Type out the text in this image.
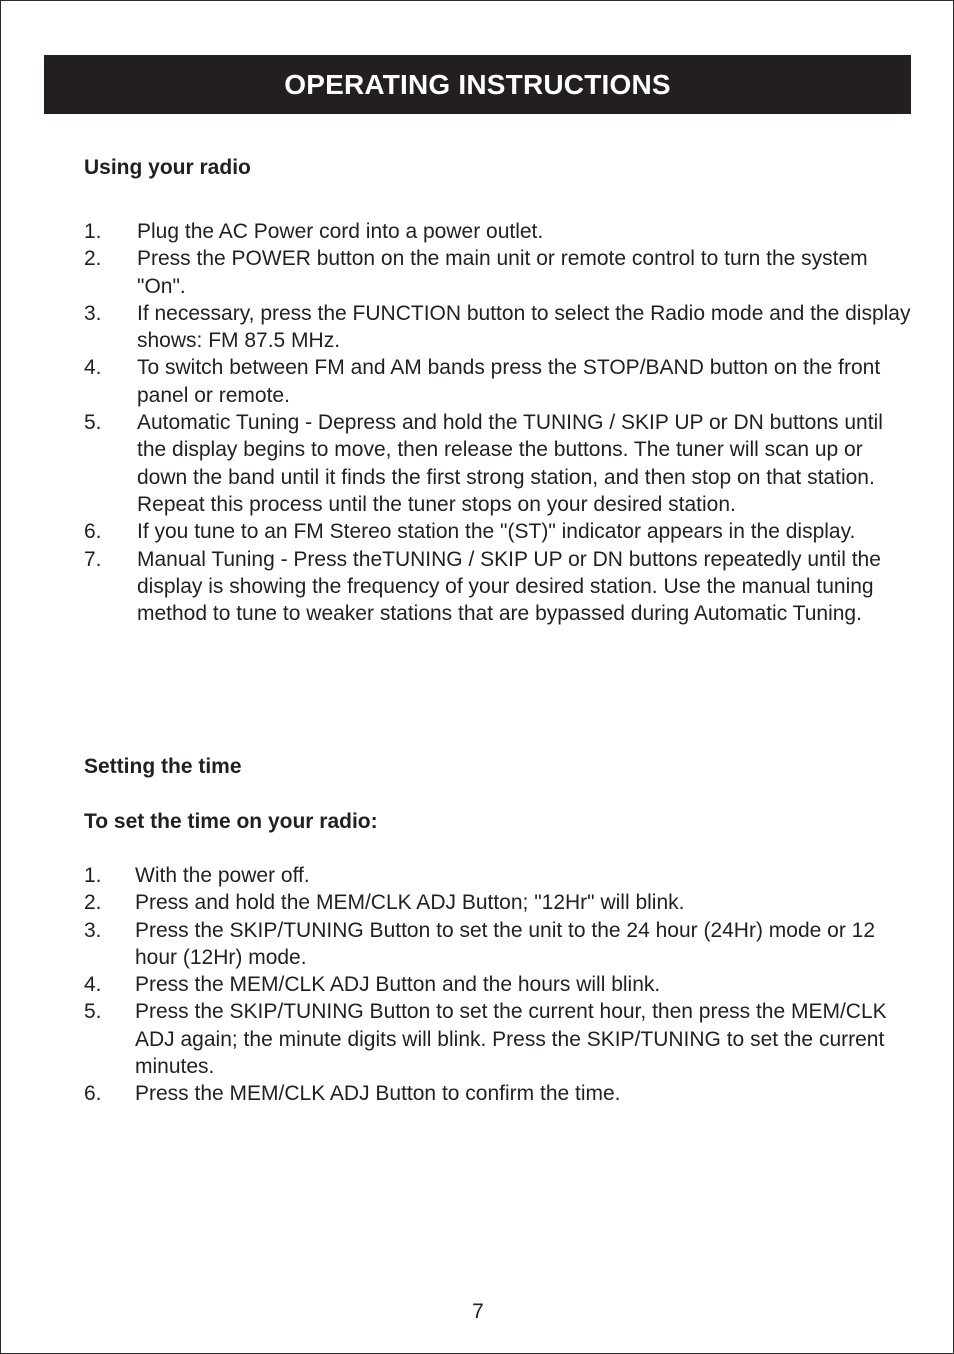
OPERATING INSTRUCTIONS
Using your radio
1.	Plug the AC Power cord into a power outlet.
2.	Press the POWER button on the main unit or remote control to turn the system "On".
3.	If necessary, press the FUNCTION button to select the Radio mode and the display shows: FM 87.5 MHz.
4.	To switch between FM and AM bands press the STOP/BAND button on the front panel or remote.
5.	Automatic Tuning - Depress and hold the TUNING / SKIP UP or DN buttons until the display begins to move, then release the buttons. The tuner will scan up or down the band until it finds the first strong station, and then stop on that station. Repeat this process until the tuner stops on your desired station.
6.	If you tune to an FM Stereo station the "(ST)" indicator appears in the display.
7.	Manual Tuning - Press theTUNING / SKIP UP or DN buttons repeatedly until the display is showing the frequency of your desired station. Use the manual tuning method to tune to weaker stations that are bypassed during Automatic Tuning.
Setting the time
To set the time on your radio:
1.	With the power off.
2.	Press and hold the MEM/CLK ADJ Button; "12Hr" will blink.
3.	Press the SKIP/TUNING Button to set the unit to the 24 hour (24Hr) mode or 12 hour (12Hr) mode.
4.	Press the MEM/CLK ADJ Button and the hours will blink.
5.	Press the SKIP/TUNING Button to set the current hour, then press the MEM/CLK ADJ again; the minute digits will blink. Press the SKIP/TUNING to set the current minutes.
6.	Press the MEM/CLK ADJ Button to confirm the time.
7
